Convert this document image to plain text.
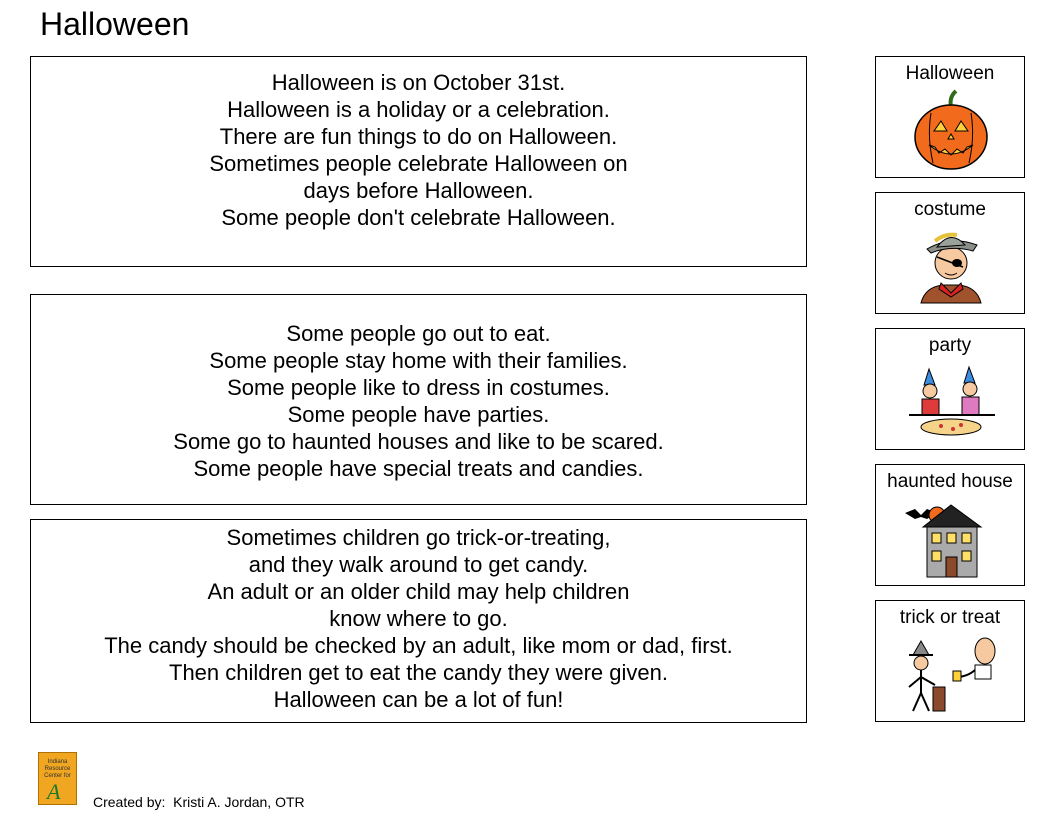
Halloween
Halloween is on October 31st.
Halloween is a holiday or a celebration.
There are fun things to do on Halloween.
Sometimes people celebrate Halloween on
days before Halloween.
Some people don't celebrate Halloween.
Some people go out to eat.
Some people stay home with their families.
Some people like to dress in costumes.
Some people have parties.
Some go to haunted houses and like to be scared.
Some people have special treats and candies.
Sometimes children go trick-or-treating,
and they walk around to get candy.
An adult or an older child may help children
know where to go.
The candy should be checked by an adult, like mom or dad, first.
Then children get to eat the candy they were given.
Halloween can be a lot of fun!
Halloween
costume
party
haunted house
trick or treat
Indiana
Resource
Center for
A Created by:  Kristi A. Jordan, OTR
